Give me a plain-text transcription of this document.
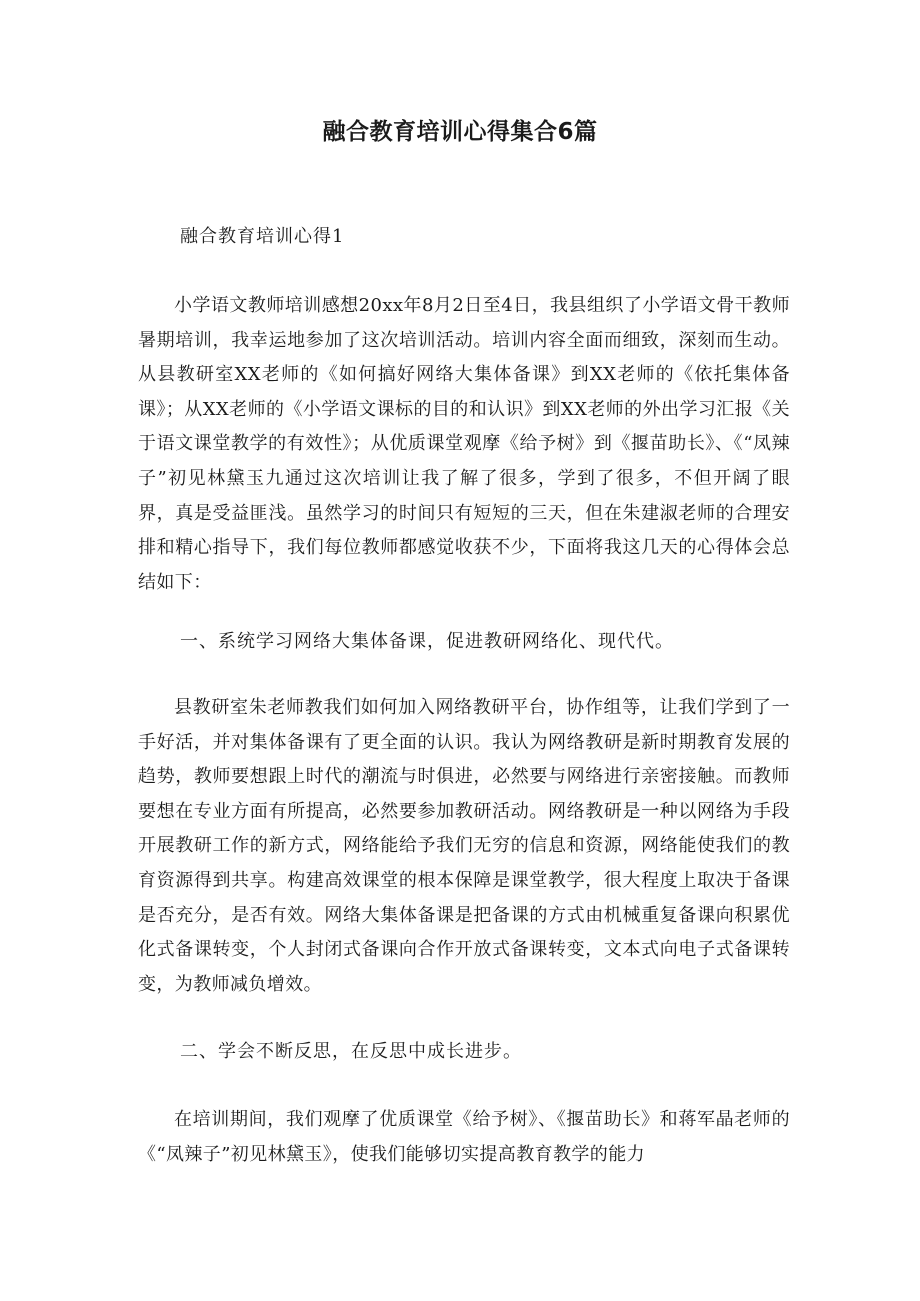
融合教育培训心得集合6篇

融合教育培训心得1

小学语文教师培训感想20xx年8月2日至4日，我县组织了小学语文骨干教师暑期培训，我幸运地参加了这次培训活动。培训内容全面而细致，深刻而生动。从县教研室XX老师的《如何搞好网络大集体备课》到XX老师的《依托集体备课》；从XX老师的《小学语文课标的目的和认识》到XX老师的外出学习汇报《关于语文课堂教学的有效性》；从优质课堂观摩《给予树》到《揠苗助长》、《“凤辣子”初见林黛玉九通过这次培训让我了解了很多，学到了很多，不但开阔了眼界，真是受益匪浅。虽然学习的时间只有短短的三天，但在朱建淑老师的合理安排和精心指导下，我们每位教师都感觉收获不少，下面将我这几天的心得体会总结如下：

一、系统学习网络大集体备课，促进教研网络化、现代代。

县教研室朱老师教我们如何加入网络教研平台，协作组等，让我们学到了一手好活，并对集体备课有了更全面的认识。我认为网络教研是新时期教育发展的趋势，教师要想跟上时代的潮流与时俱进，必然要与网络进行亲密接触。而教师要想在专业方面有所提高，必然要参加教研活动。网络教研是一种以网络为手段开展教研工作的新方式，网络能给予我们无穷的信息和资源，网络能使我们的教育资源得到共享。构建高效课堂的根本保障是课堂教学，很大程度上取决于备课是否充分，是否有效。网络大集体备课是把备课的方式由机械重复备课向积累优化式备课转变，个人封闭式备课向合作开放式备课转变，文本式向电子式备课转变，为教师减负增效。

二、学会不断反思，在反思中成长进步。

在培训期间，我们观摩了优质课堂《给予树》、《揠苗助长》和蒋军晶老师的《“凤辣子”初见林黛玉》，使我们能够切实提高教育教学的能力
